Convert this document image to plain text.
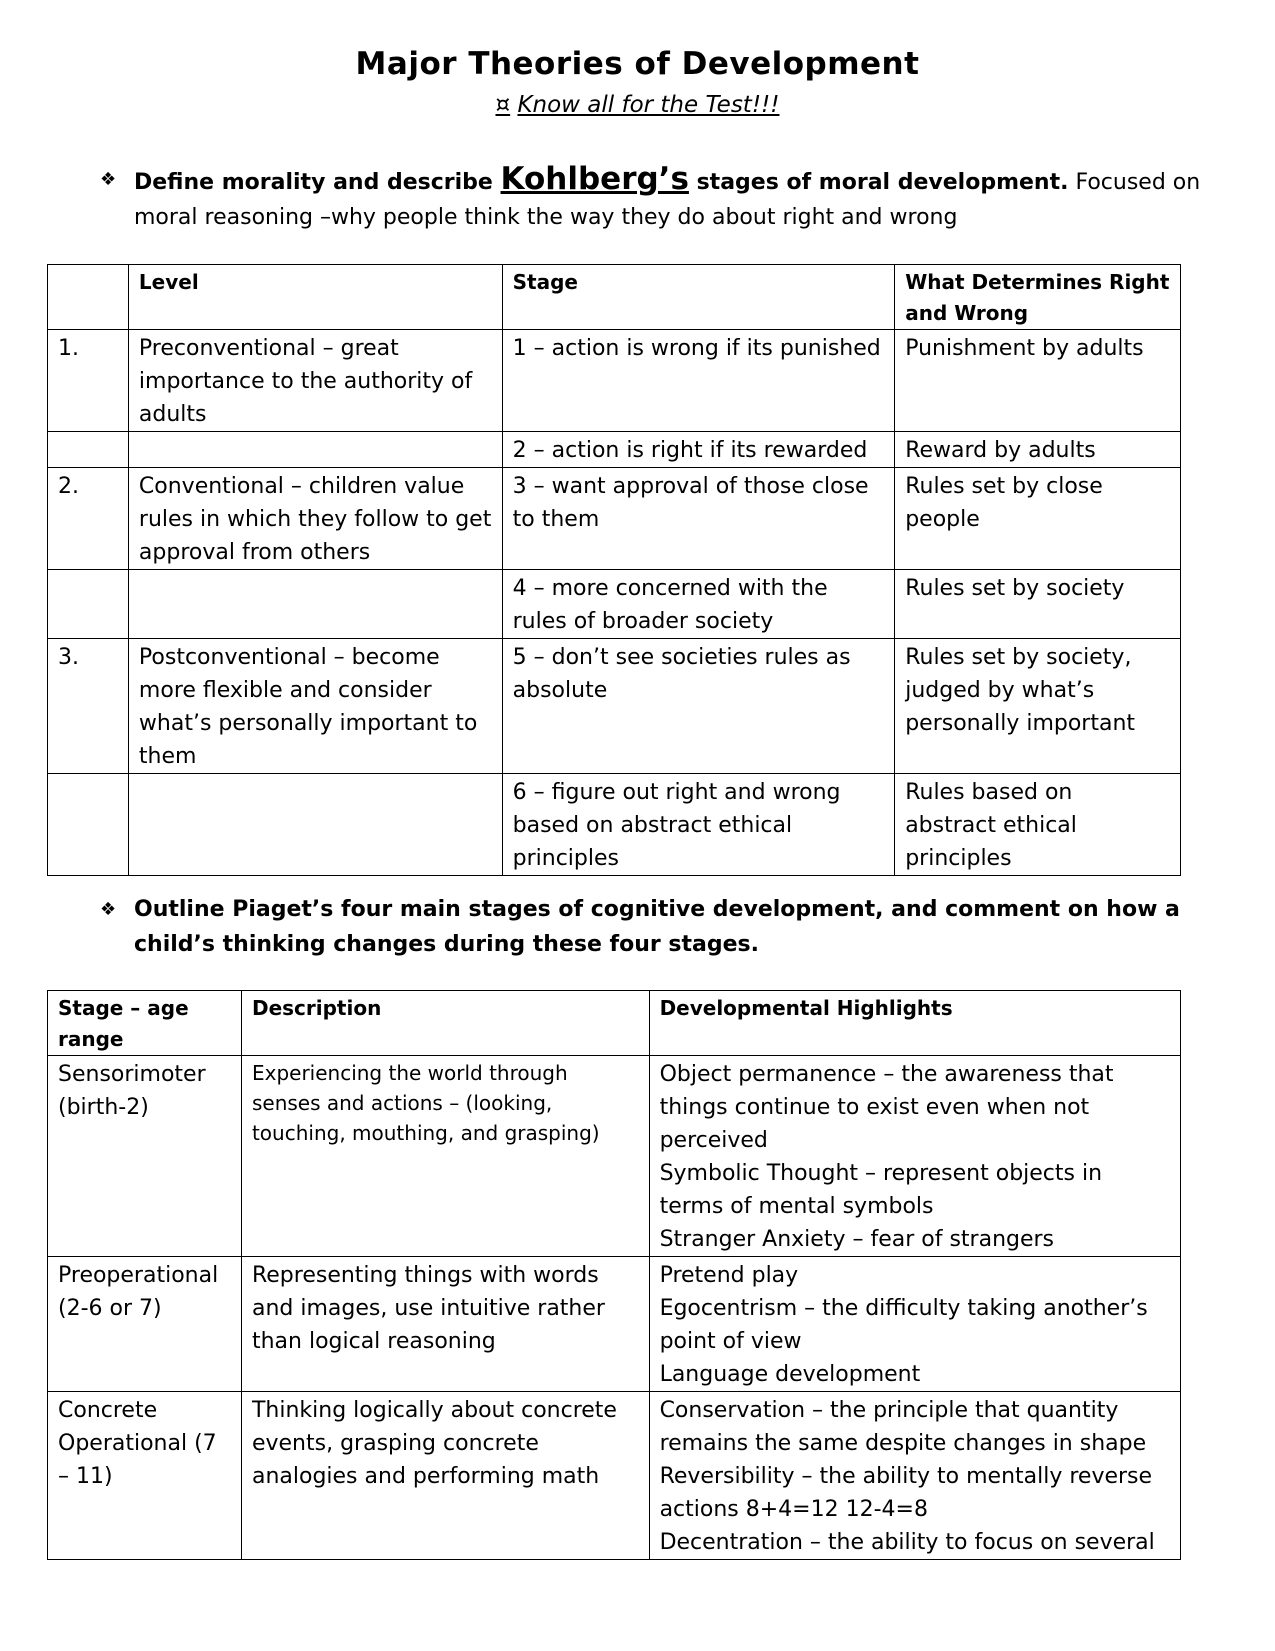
Major Theories of Development
¤ Know all for the Test!!!
❖ Define morality and describe Kohlberg’s stages of moral development. Focused on moral reasoning –why people think the way they do about right and wrong
	Level	Stage	What Determines Right and Wrong
1.	Preconventional – great importance to the authority of adults	1 – action is wrong if its punished	Punishment by adults
		2 – action is right if its rewarded	Reward by adults
2.	Conventional – children value rules in which they follow to get approval from others	3 – want approval of those close to them	Rules set by close people
		4 – more concerned with the rules of broader society	Rules set by society
3.	Postconventional – become more flexible and consider what’s personally important to them	5 – don’t see societies rules as absolute	Rules set by society, judged by what’s personally important
		6 – figure out right and wrong based on abstract ethical principles	Rules based on abstract ethical principles
❖ Outline Piaget’s four main stages of cognitive development, and comment on how a child’s thinking changes during these four stages.
Stage – age range	Description	Developmental Highlights
Sensorimoter (birth-2)	Experiencing the world through senses and actions – (looking, touching, mouthing, and grasping)	Object permanence – the awareness that things continue to exist even when not perceived
Symbolic Thought – represent objects in terms of mental symbols
Stranger Anxiety – fear of strangers

Preoperational (2-6 or 7)	Representing things with words and images, use intuitive rather than logical reasoning	Pretend play
Egocentrism – the difficulty taking another’s point of view
Language development

Concrete Operational (7 – 11)	Thinking logically about concrete events, grasping concrete analogies and performing math	Conservation – the principle that quantity remains the same despite changes in shape
Reversibility – the ability to mentally reverse actions 8+4=12 12-4=8
Decentration – the ability to focus on several
